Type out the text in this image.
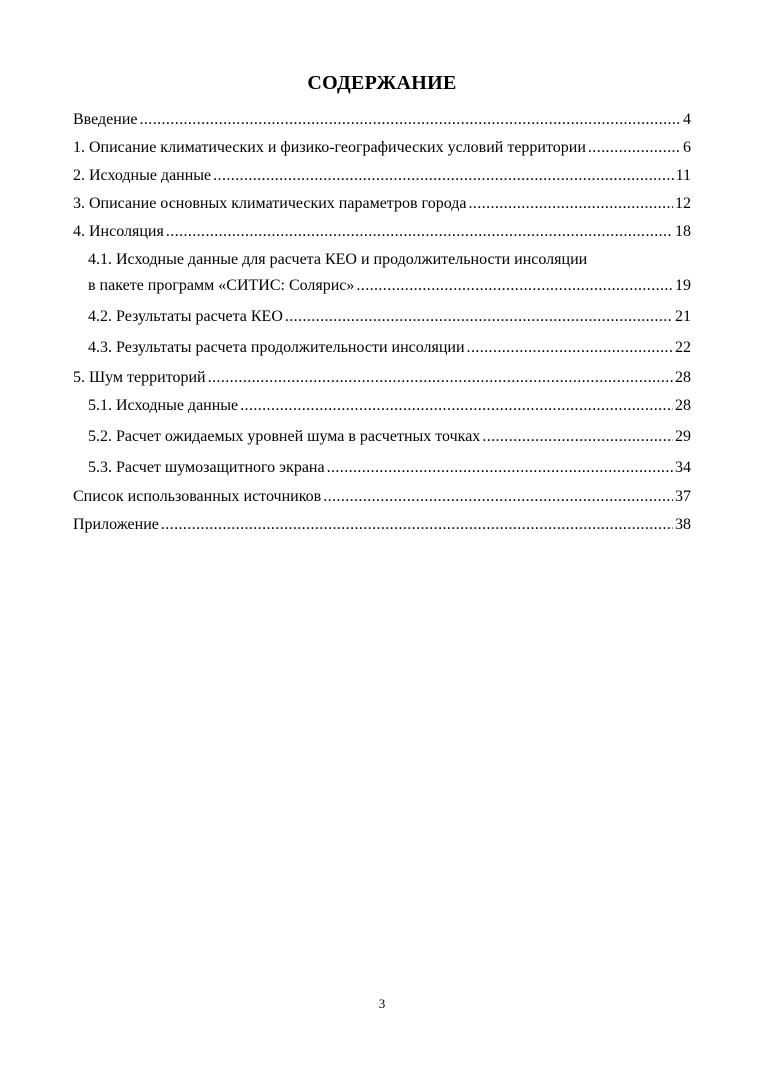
СОДЕРЖАНИЕ
Введение .....	4
1. Описание климатических и физико-географических условий территории .....	6
2. Исходные данные .....	11
3. Описание основных климатических параметров города .....	12
4. Инсоляция .....	18
4.1. Исходные данные для расчета КЕО и продолжительности инсоляции
в пакете программ «СИТИС: Солярис» .....	19
4.2. Результаты расчета КЕО .....	21
4.3. Результаты расчета продолжительности инсоляции .....	22
5. Шум территорий .....	28
5.1. Исходные данные .....	28
5.2. Расчет ожидаемых уровней шума в расчетных точках .....	29
5.3. Расчет шумозащитного экрана .....	34
Список использованных источников .....	37
Приложение .....	38
3
